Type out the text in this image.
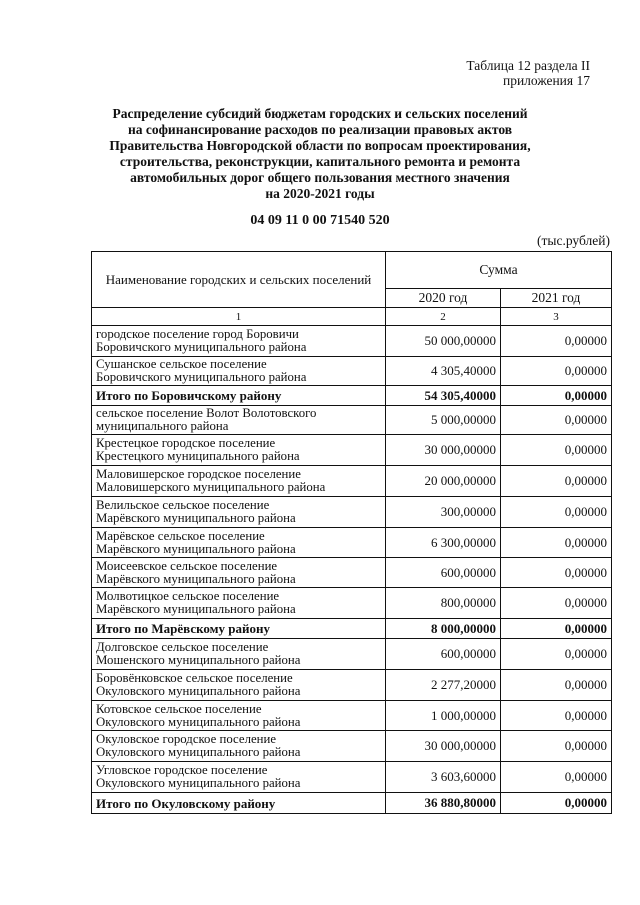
Таблица 12 раздела II
приложения 17
Распределение субсидий бюджетам городских и сельских поселений
на софинансирование расходов по реализации правовых актов
Правительства Новгородской области по вопросам проектирования,
строительства, реконструкции, капитального ремонта и ремонта
автомобильных дорог общего пользования местного значения
на 2020-2021 годы
04 09 11 0 00 71540 520
(тыс.рублей)
Наименование городских и сельских поселений	Сумма	
	2020 год	2021 год
1	2	3

городское поселение город Боровичи
Боровичского муниципального района	50 000,00000	0,00000

Сушанское сельское поселение
Боровичского муниципального района	4 305,40000	0,00000

Итого по Боровичскому району	54 305,40000	0,00000

сельское поселение Волот Волотовского
муниципального района	5 000,00000	0,00000

Крестецкое городское поселение
Крестецкого муниципального района	30 000,00000	0,00000

Маловишерское городское поселение
Маловишерского муниципального района	20 000,00000	0,00000

Велильское сельское поселение
Марёвского муниципального района	300,00000	0,00000

Марёвское сельское поселение
Марёвского муниципального района	6 300,00000	0,00000

Моисеевское сельское поселение
Марёвского муниципального района	600,00000	0,00000

Молвотицкое сельское поселение
Марёвского муниципального района	800,00000	0,00000

Итого по Марёвскому району	8 000,00000	0,00000

Долговское сельское поселение
Мошенского муниципального района	600,00000	0,00000

Боровёнковское сельское поселение
Окуловского муниципального района	2 277,20000	0,00000

Котовское сельское поселение
Окуловского муниципального района	1 000,00000	0,00000

Окуловское городское поселение
Окуловского муниципального района	30 000,00000	0,00000

Угловское городское поселение
Окуловского муниципального района	3 603,60000	0,00000

Итого по Окуловскому району	36 880,80000	0,00000
